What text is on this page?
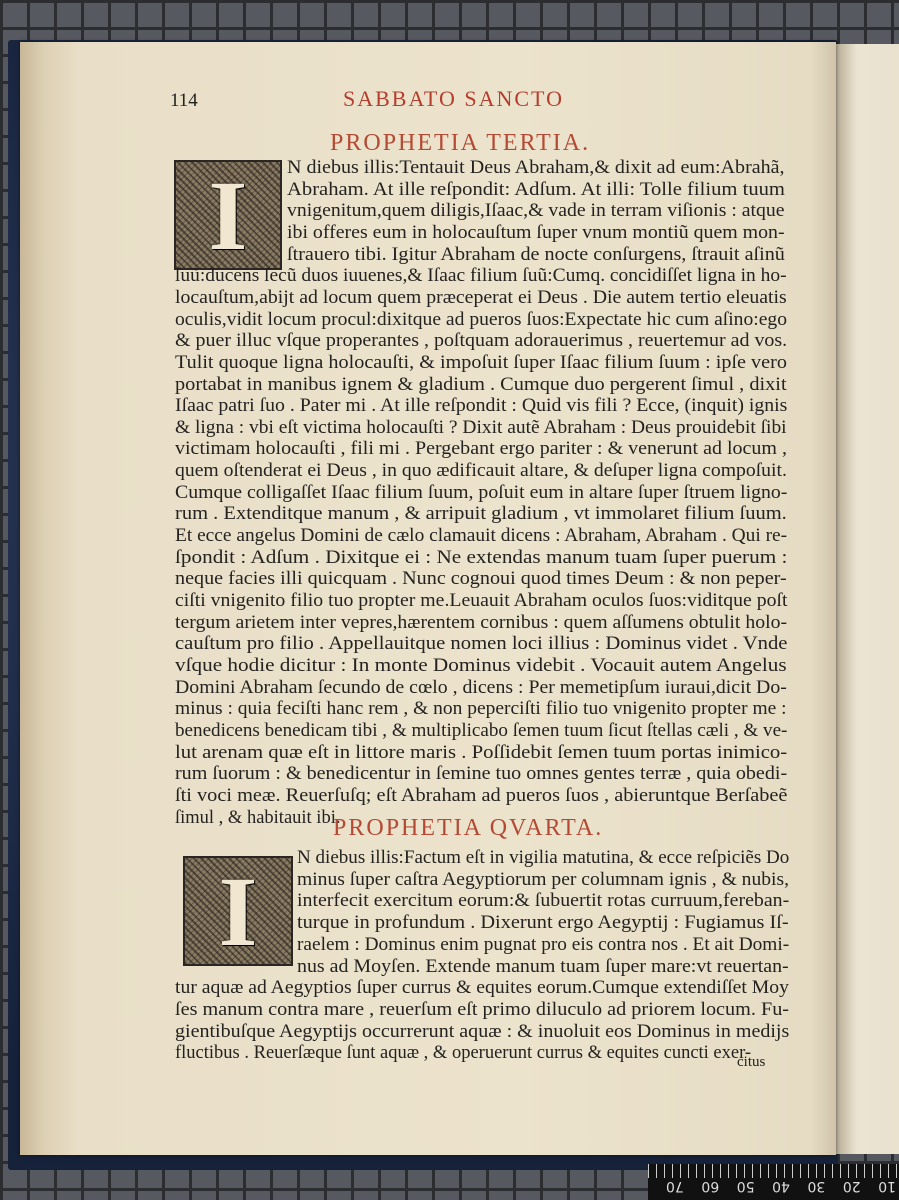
114	SABBATO SANCTO
PROPHETIA TERTIA.
I	N diebus illis:Tentauit Deus Abraham,& dixit ad eum:Abrahã,
Abraham. At ille reſpondit: Adſum. At illi: Tolle filium tuum
vnigenitum,quem diligis,Iſaac,& vade in terram viſionis : atque
ibi offeres eum in holocauſtum ſuper vnum montiũ quem mon-
ſtrauero tibi. Igitur Abraham de nocte conſurgens, ſtrauit aſinũ
ſuũ:ducens ſecũ duos iuuenes,& Iſaac filium ſuũ:Cumq. concidiſſet ligna in ho-
locauſtum,abijt ad locum quem præceperat ei Deus . Die autem tertio eleuatis
oculis,vidit locum procul:dixitque ad pueros ſuos:Expectate hic cum aſino:ego
& puer illuc vſque properantes , poſtquam adorauerimus , reuertemur ad vos.
Tulit quoque ligna holocauſti, & impoſuit ſuper Iſaac filium ſuum : ipſe vero
portabat in manibus ignem & gladium . Cumque duo pergerent ſimul , dixit
Iſaac patri ſuo . Pater mi . At ille reſpondit : Quid vis fili ? Ecce, (inquit) ignis
& ligna : vbi eſt victima holocauſti ? Dixit autẽ Abraham : Deus prouidebit ſibi
victimam holocauſti , fili mi . Pergebant ergo pariter : & venerunt ad locum ,
quem oſtenderat ei Deus , in quo ædificauit altare, & deſuper ligna compoſuit.
Cumque colligaſſet Iſaac filium ſuum, poſuit eum in altare ſuper ſtruem ligno-
rum . Extenditque manum , & arripuit gladium , vt immolaret filium ſuum.
Et ecce angelus Domini de cælo clamauit dicens : Abraham, Abraham . Qui re-
ſpondit : Adſum . Dixitque ei : Ne extendas manum tuam ſuper puerum :
neque facies illi quicquam . Nunc cognoui quod times Deum : & non peper-
ciſti vnigenito filio tuo propter me.Leuauit Abraham oculos ſuos:viditque poſt
tergum arietem inter vepres,hærentem cornibus : quem aſſumens obtulit holo-
cauſtum pro filio . Appellauitque nomen loci illius : Dominus videt . Vnde
vſque hodie dicitur : In monte Dominus videbit . Vocauit autem Angelus
Domini Abraham ſecundo de cœlo , dicens : Per memetipſum iuraui,dicit Do-
minus : quia feciſti hanc rem , & non peperciſti filio tuo vnigenito propter me :
benedicens benedicam tibi , & multiplicabo ſemen tuum ſicut ſtellas cæli , & ve-
lut arenam quæ eſt in littore maris . Poſſidebit ſemen tuum portas inimico-
rum ſuorum : & benedicentur in ſemine tuo omnes gentes terræ , quia obedi-
ſti voci meæ. Reuerſuſq; eſt Abraham ad pueros ſuos , abieruntque Berſabeẽ
ſimul , & habitauit ibi.
PROPHETIA QVARTA.
I	N diebus illis:Factum eſt in vigilia matutina, & ecce reſpiciẽs Do
minus ſuper caſtra Aegyptiorum per columnam ignis , & nubis,
interfecit exercitum eorum:& ſubuertit rotas curruum,fereban-
turque in profundum . Dixerunt ergo Aegyptij : Fugiamus Iſ-
raelem : Dominus enim pugnat pro eis contra nos . Et ait Domi-
nus ad Moyſen. Extende manum tuam ſuper mare:vt reuertan-
tur aquæ ad Aegyptios ſuper currus & equites eorum.Cumque extendiſſet Moy
ſes manum contra mare , reuerſum eſt primo diluculo ad priorem locum. Fu-
gientibuſque Aegyptijs occurrerunt aquæ : & inuoluit eos Dominus in medijs
fluctibus . Reuerſæque ſunt aquæ , & operuerunt currus & equites cuncti exer-
citus
10
20
30
40
50
60
70
